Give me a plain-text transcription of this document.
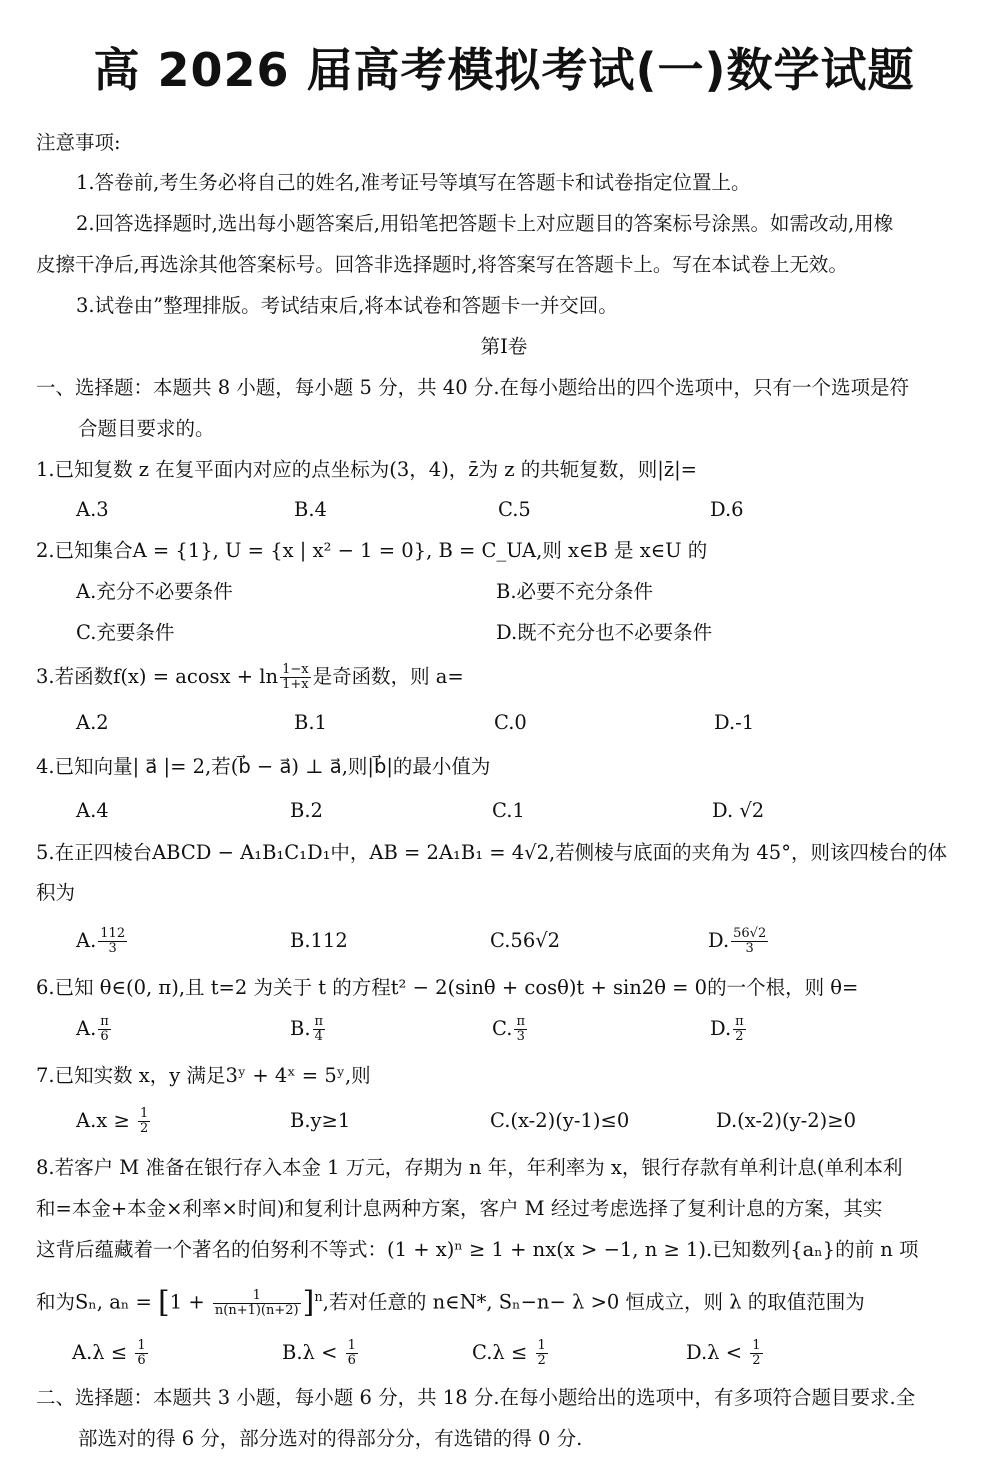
高 2026 届高考模拟考试(一)数学试题
注意事项:
1.答卷前,考生务必将自己的姓名,准考证号等填写在答题卡和试卷指定位置上。
2.回答选择题时,选出每小题答案后,用铅笔把答题卡上对应题目的答案标号涂黑。如需改动,用橡
皮擦干净后,再选涂其他答案标号。回答非选择题时,将答案写在答题卡上。写在本试卷上无效。
3.试卷由”整理排版。考试结束后,将本试卷和答题卡一并交回。
第Ⅰ卷
一、选择题：本题共 8 小题，每小题 5 分，共 40 分.在每小题给出的四个选项中，只有一个选项是符
合题目要求的。
1.已知复数 z 在复平面内对应的点坐标为(3，4)，z̄为 z 的共轭复数，则|z̄|=
A.3	B.4	C.5	D.6
2.已知集合A = {1}, U = {x | x² − 1 = 0}, B = C_UA,则 x∈B 是 x∈U 的
A.充分不必要条件	B.必要不充分条件
C.充要条件	D.既不充分也不必要条件
3.若函数$f(x) = acosx + \ln \frac{1-x}{1+x}$ 是奇函数，则 a=
A.2	B.1	C.0	D.-1
4.已知向量| a⃗ |= 2,若(b⃗ − a⃗) ⊥ a⃗,则|b⃗|的最小值为
A.4	B.2	C.1	D. √2
5.在正四棱台ABCD − A₁B₁C₁D₁中，AB = 2A₁B₁ = 4√2,若侧棱与底面的夹角为 45°，则该四棱台的体
积为
A. $\frac{112}{3}$	B.112	C.56√2	D. $\frac{56√2}{3}$
6.已知 θ∈(0, π),且 t=2 为关于 t 的方程t² − 2(sinθ + cosθ)t + sin2θ = 0的一个根，则 θ=
A. $\frac{\pi}{6}$	B. $\frac{\pi}{4}$	C. $\frac{\pi}{3}$	D. $\frac{\pi}{2}$
7.已知实数 x，y 满足3ʸ + 4ˣ = 5ʸ,则
$A.x \ge \frac{1}{2}$	B.y≥1	C.(x-2)(y-1)≤0	D.(x-2)(y-2)≥0
8.若客户 M 准备在银行存入本金 1 万元，存期为 n 年，年利率为 x，银行存款有单利计息(单利本利
和=本金+本金×利率×时间)和复利计息两种方案，客户 M 经过考虑选择了复利计息的方案，其实
这背后蕴藏着一个著名的伯努利不等式：(1 + x)ⁿ ≥ 1 + nx(x > −1, n ≥ 1).已知数列{aₙ}的前 n 项
和为Sₙ, $a_n = [1 + \frac{1}{n(n+1)(n+2)} ]^n$,若对任意的 n∈N*, Sₙ−n− λ >0 恒成立，则 λ 的取值范围为
$A.\lambda \le \frac{1}{6}$	$B.\lambda < \frac{1}{6}$	$C.\lambda \le \frac{1}{2}$	$D.\lambda < \frac{1}{2}$
二、选择题：本题共 3 小题，每小题 6 分，共 18 分.在每小题给出的选项中，有多项符合题目要求.全
部选对的得 6 分，部分选对的得部分分，有选错的得 0 分.
